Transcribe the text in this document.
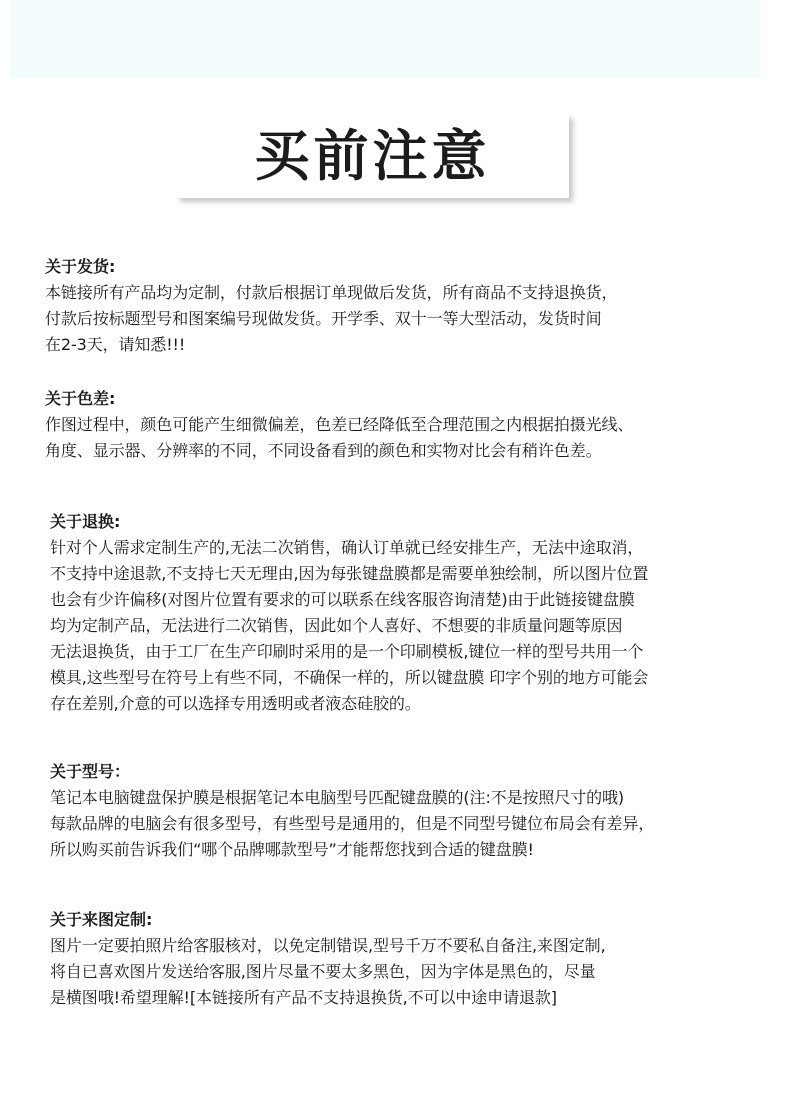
买前注意
关于发货:
本链接所有产品均为定制，付款后根据订单现做后发货，所有商品不支持退换货，
付款后按标题型号和图案编号现做发货。开学季、双十一等大型活动，发货时间
在2-3天，请知悉!!!
关于色差:
作图过程中，颜色可能产生细微偏差，色差已经降低至合理范围之内根据拍摄光线、
角度、显示器、分辨率的不同，不同设备看到的颜色和实物对比会有稍许色差。
关于退换:
针对个人需求定制生产的,无法二次销售，确认订单就已经安排生产，无法中途取消，
不支持中途退款,不支持七天无理由,因为每张键盘膜都是需要单独绘制，所以图片位置
也会有少许偏移(对图片位置有要求的可以联系在线客服咨询清楚)由于此链接键盘膜
均为定制产品，无法进行二次销售，因此如个人喜好、不想要的非质量问题等原因
无法退换货，由于工厂在生产印刷时采用的是一个印刷模板,键位一样的型号共用一个
模具,这些型号在符号上有些不同，不确保一样的，所以键盘膜 印字个别的地方可能会
存在差别,介意的可以选择专用透明或者液态硅胶的。
关于型号：
笔记本电脑键盘保护膜是根据笔记本电脑型号匹配键盘膜的(注:不是按照尺寸的哦)
每款品牌的电脑会有很多型号，有些型号是通用的，但是不同型号键位布局会有差异，
所以购买前告诉我们“哪个品牌哪款型号”才能帮您找到合适的键盘膜!
关于来图定制:
图片一定要拍照片给客服核对，以免定制错误,型号千万不要私自备注,来图定制,
将自已喜欢图片发送给客服,图片尽量不要太多黑色，因为字体是黑色的，尽量
是横图哦!希望理解![本链接所有产品不支持退换货,不可以中途申请退款]
